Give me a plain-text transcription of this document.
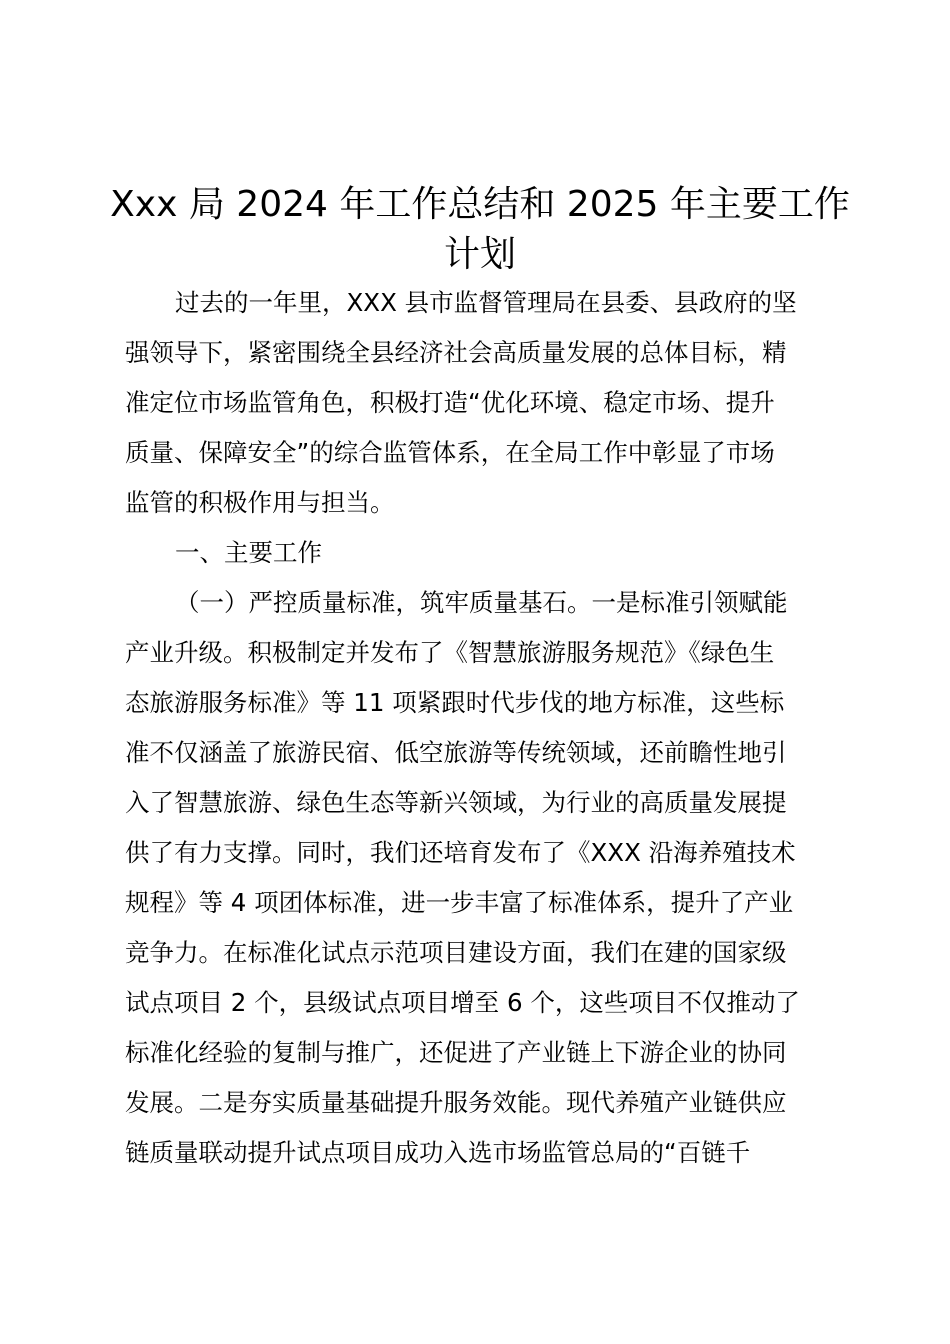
Xxx 局 2024 年工作总结和 2025 年主要工作
计划

过去的一年里，XXX 县市监督管理局在县委、县政府的坚

强领导下，紧密围绕全县经济社会高质量发展的总体目标，精

准定位市场监管角色，积极打造“优化环境、稳定市场、提升

质量、保障安全”的综合监管体系，在全局工作中彰显了市场

监管的积极作用与担当。

一、主要工作

（一）严控质量标准，筑牢质量基石。一是标准引领赋能

产业升级。积极制定并发布了《智慧旅游服务规范》《绿色生

态旅游服务标准》等 11 项紧跟时代步伐的地方标准，这些标

准不仅涵盖了旅游民宿、低空旅游等传统领域，还前瞻性地引

入了智慧旅游、绿色生态等新兴领域，为行业的高质量发展提

供了有力支撑。同时，我们还培育发布了《XXX 沿海养殖技术

规程》等 4 项团体标准，进一步丰富了标准体系，提升了产业

竞争力。在标准化试点示范项目建设方面，我们在建的国家级

试点项目 2 个，县级试点项目增至 6 个，这些项目不仅推动了

标准化经验的复制与推广，还促进了产业链上下游企业的协同

发展。二是夯实质量基础提升服务效能。现代养殖产业链供应

链质量联动提升试点项目成功入选市场监管总局的“百链千
